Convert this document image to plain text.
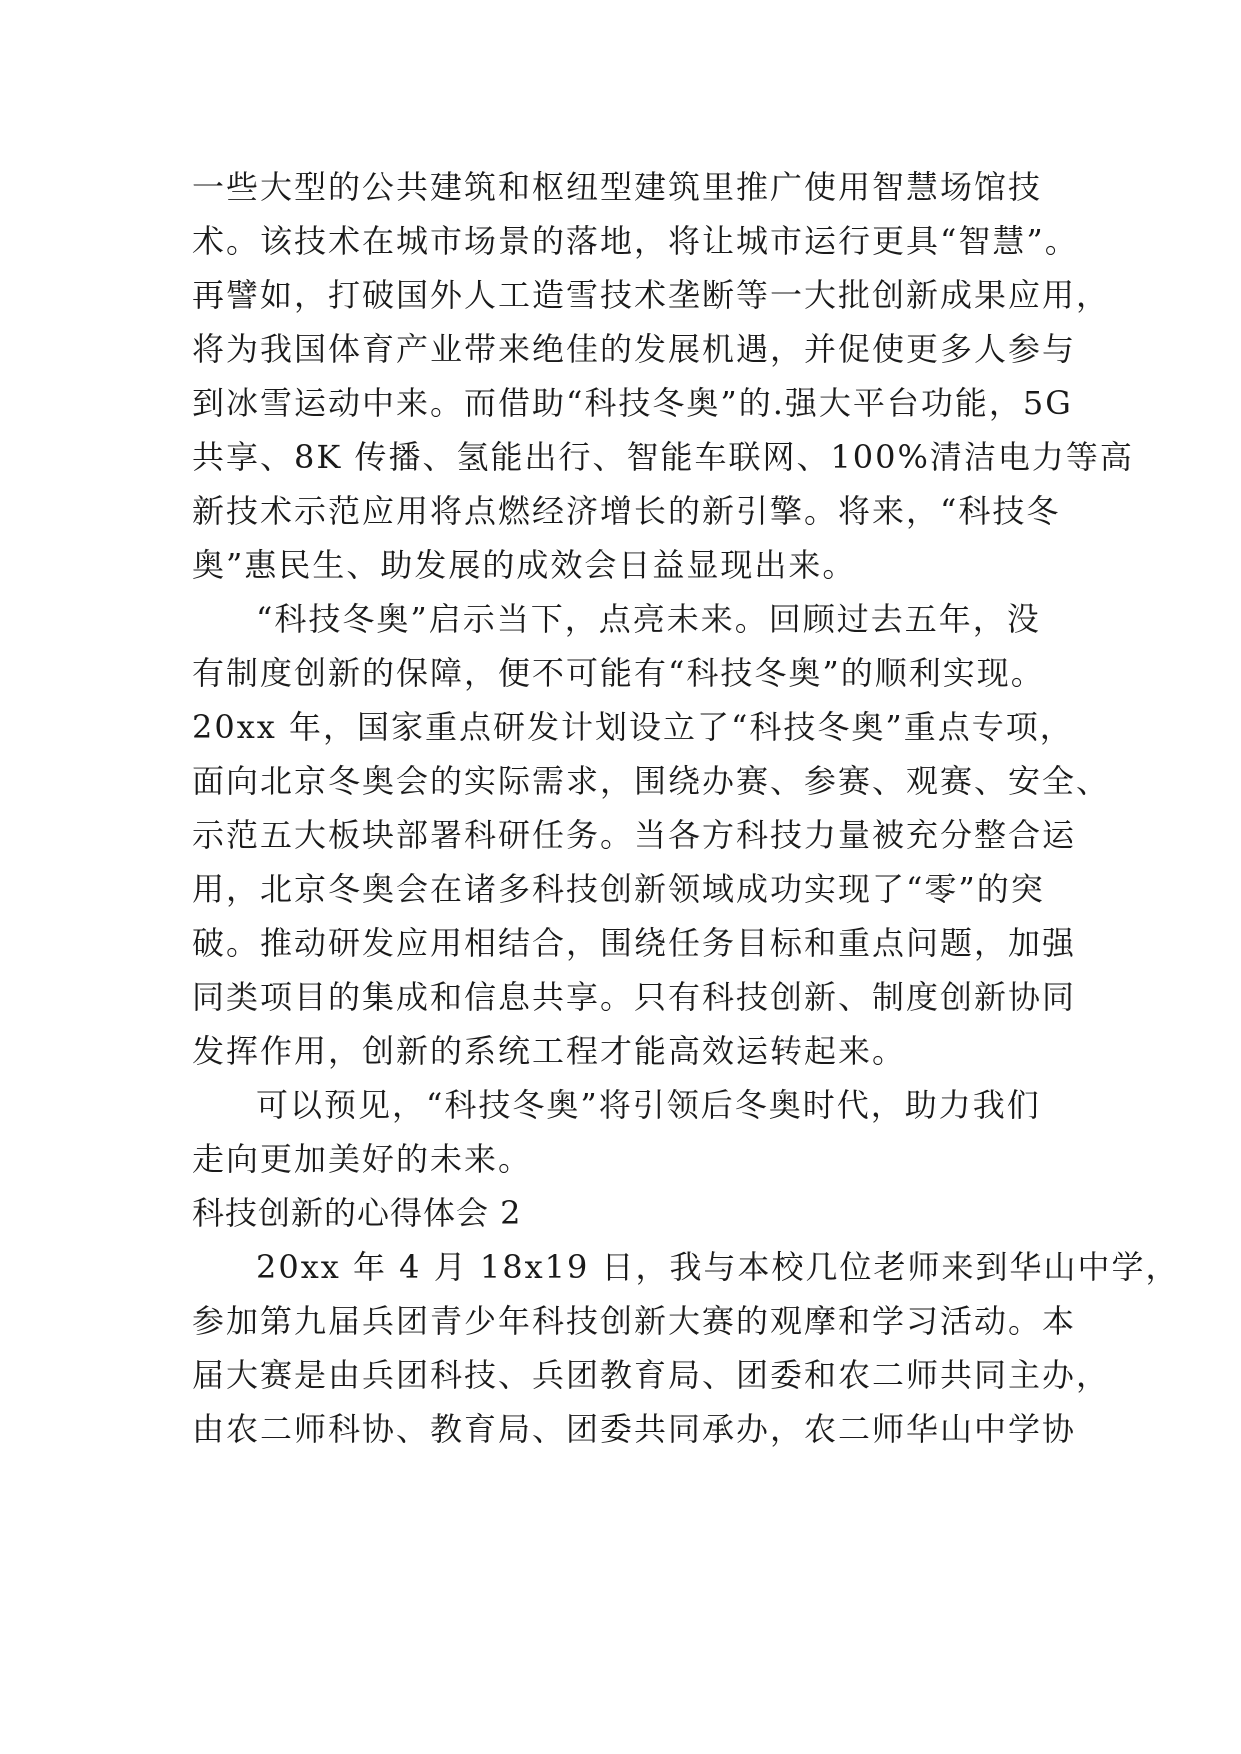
一些大型的公共建筑和枢纽型建筑里推广使用智慧场馆技
术。该技术在城市场景的落地，将让城市运行更具“智慧”。
再譬如，打破国外人工造雪技术垄断等一大批创新成果应用，
将为我国体育产业带来绝佳的发展机遇，并促使更多人参与
到冰雪运动中来。而借助“科技冬奥”的.强大平台功能，5G
共享、8K 传播、氢能出行、智能车联网、100%清洁电力等高
新技术示范应用将点燃经济增长的新引擎。将来，“科技冬
奥”惠民生、助发展的成效会日益显现出来。
“科技冬奥”启示当下，点亮未来。回顾过去五年，没
有制度创新的保障，便不可能有“科技冬奥”的顺利实现。
20xx 年，国家重点研发计划设立了“科技冬奥”重点专项，
面向北京冬奥会的实际需求，围绕办赛、参赛、观赛、安全、
示范五大板块部署科研任务。当各方科技力量被充分整合运
用，北京冬奥会在诸多科技创新领域成功实现了“零”的突
破。推动研发应用相结合，围绕任务目标和重点问题，加强
同类项目的集成和信息共享。只有科技创新、制度创新协同
发挥作用，创新的系统工程才能高效运转起来。
可以预见，“科技冬奥”将引领后冬奥时代，助力我们
走向更加美好的未来。
科技创新的心得体会 2
20xx 年 4 月 18x19 日，我与本校几位老师来到华山中学，
参加第九届兵团青少年科技创新大赛的观摩和学习活动。本
届大赛是由兵团科技、兵团教育局、团委和农二师共同主办，
由农二师科协、教育局、团委共同承办，农二师华山中学协
